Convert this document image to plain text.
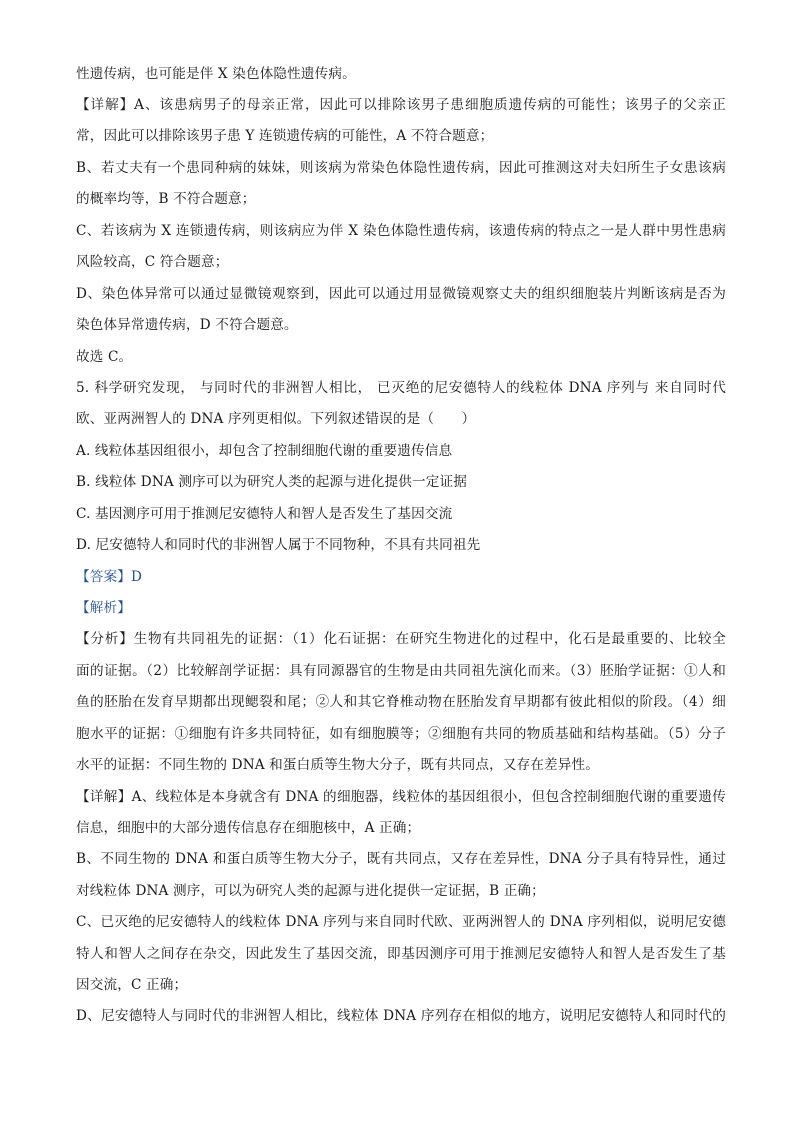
性遗传病，也可能是伴 X 染色体隐性遗传病。
【详解】A、该患病男子的母亲正常，因此可以排除该男子患细胞质遗传病的可能性；该男子的父亲正
常，因此可以排除该男子患 Y 连锁遗传病的可能性，A 不符合题意；
B、若丈夫有一个患同种病的妹妹，则该病为常染色体隐性遗传病，因此可推测这对夫妇所生子女患该病
的概率均等，B 不符合题意；
C、若该病为 X 连锁遗传病，则该病应为伴 X 染色体隐性遗传病，该遗传病的特点之一是人群中男性患病
风险较高，C 符合题意；
D、染色体异常可以通过显微镜观察到，因此可以通过用显微镜观察丈夫的组织细胞装片判断该病是否为
染色体异常遗传病，D 不符合题意。
故选 C。
5. 科学研究发现， 与同时代的非洲智人相比， 已灭绝的尼安德特人的线粒体 DNA 序列与 来自同时代
欧、亚两洲智人的 DNA 序列更相似。下列叙述错误的是（　　）
A. 线粒体基因组很小，却包含了控制细胞代谢的重要遗传信息
B. 线粒体 DNA 测序可以为研究人类的起源与进化提供一定证据
C. 基因测序可用于推测尼安德特人和智人是否发生了基因交流
D. 尼安德特人和同时代的非洲智人属于不同物种，不具有共同祖先
【答案】D
【解析】
【分析】生物有共同祖先的证据：（1）化石证据：在研究生物进化的过程中，化石是最重要的、比较全
面的证据。（2）比较解剖学证据：具有同源器官的生物是由共同祖先演化而来。（3）胚胎学证据：①人和
鱼的胚胎在发育早期都出现鳃裂和尾；②人和其它脊椎动物在胚胎发育早期都有彼此相似的阶段。（4）细
胞水平的证据：①细胞有许多共同特征，如有细胞膜等；②细胞有共同的物质基础和结构基础。（5）分子
水平的证据：不同生物的 DNA 和蛋白质等生物大分子，既有共同点，又存在差异性。
【详解】A、线粒体是本身就含有 DNA 的细胞器，线粒体的基因组很小，但包含控制细胞代谢的重要遗传
信息，细胞中的大部分遗传信息存在细胞核中，A 正确；
B、不同生物的 DNA 和蛋白质等生物大分子，既有共同点，又存在差异性，DNA 分子具有特异性，通过
对线粒体 DNA 测序，可以为研究人类的起源与进化提供一定证据，B 正确；
C、已灭绝的尼安德特人的线粒体 DNA 序列与来自同时代欧、亚两洲智人的 DNA 序列相似，说明尼安德
特人和智人之间存在杂交，因此发生了基因交流，即基因测序可用于推测尼安德特人和智人是否发生了基
因交流，C 正确；
D、尼安德特人与同时代的非洲智人相比，线粒体 DNA 序列存在相似的地方，说明尼安德特人和同时代的
